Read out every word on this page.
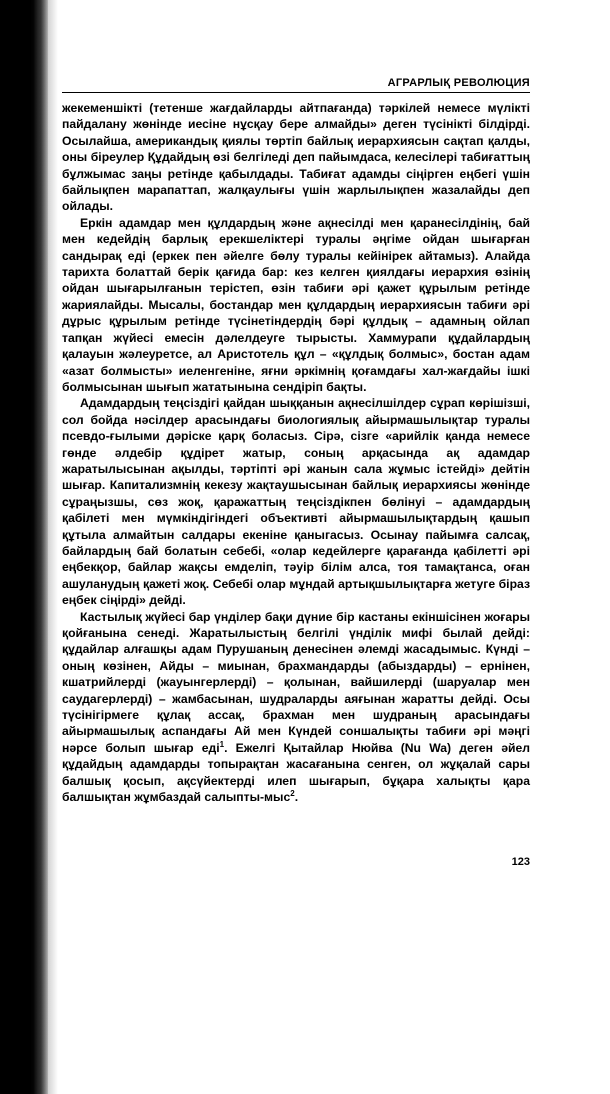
АГРАРЛЫҚ РЕВОЛЮЦИЯ

жекеменшікті (тетенше жағдайларды айтпағанда) тәркілей немесе мүлікті пайдалану жөнінде иесіне нұсқау бере алмайды» деген түсінікті білдірді. Осылайша, американдық қиялы төртіп байлық иерархиясын сақтап қалды, оны біреулер Құдайдың өзі белгіледі деп пайымдаса, келесілері табиғаттың бұлжымас заңы ретінде қабылдады. Табиғат адамды сіңірген еңбегі үшін байлықпен марапаттап, жалқаулығы үшін жарлылықпен жазалайды деп ойлады.

Еркін адамдар мен құлдардың және ақнесілді мен қаранесілдінің, бай мен кедейдің барлық ерекшеліктері туралы әңгіме ойдан шығарған сандырақ еді (еркек пен әйелге бөлу туралы кейінірек айтамыз). Алайда тарихта болаттай берік қағида бар: кез келген қиялдағы иерархия өзінің ойдан шығарылғанын терістеп, өзін табиғи әрі қажет құрылым ретінде жариялайды. Мысалы, бостандар мен құлдардың иерархиясын табиғи әрі дұрыс құрылым ретінде түсінетіндердің бәрі құлдық – адамның ойлап тапқан жүйесі емесін дәлелдеуге тырысты. Хаммурапи құдайлардың қалауын жәлеуретсе, ал Аристотель құл – «құлдық болмыс», бостан адам «азат болмысты» иеленгеніне, яғни әркімнің қоғамдағы хал-жағдайы ішкі болмысынан шығып жататынына сендіріп бақты.

Адамдардың теңсіздігі қайдан шыққанын ақнесілшілдер сұрап көрішізші, сол бойда нәсілдер арасындағы биологиялық айырмашылықтар туралы псевдо-ғылыми дәріске қарқ боласыз. Сірә, сізге «арийлік қанда немесе гөнде әлдебір құдірет жатыр, соның арқасында ақ адамдар жаратылысынан ақылды, тәртіпті әрі жанын сала жұмыс істейді» дейтін шығар. Капитализмнің кекезу жақтаушысынан байлық иерархиясы жөнінде сұраңызшы, сөз жоқ, қаражаттың теңсіздікпен бөлінуі – адамдардың қабілеті мен мүмкіндігіндегі объективті айырмашылықтардың қашып құтыла алмайтын салдары екеніне қаныгасыз. Осынау пайымға салсақ, байлардың бай болатын себебі, «олар кедейлерге қарағанда қабілетті әрі еңбекқор, байлар жақсы емделіп, тәуір білім алса, тоя тамақтанса, оған ашуланудың қажеті жоқ. Себебі олар мұндай артықшылықтарға жетуге біраз еңбек сіңірді» дейді.

Кастылық жүйесі бар үнділер бақи дүние бір кастаны екіншісінен жоғары қойғанына сенеді. Жаратылыстың белгілі үнділік мифі былай дейді: құдайлар алғашқы адам Пурушаның денесінен әлемді жасадымыс. Күнді – оның көзінен, Айды – миынан, брахмандарды (абыздарды) – ернінен, кшатрийлерді (жауынгерлерді) – қолынан, вайшилерді (шаруалар мен саудагерлерді) – жамбасынан, шудраларды аяғынан жаратты дейді. Осы түсінігірмеге құлақ асcақ, брахман мен шудраның арасындағы айырмашылық аспандағы Ай мен Күндей соншалықты табиғи әрі мәңгі нәрсе болып шығар еді$^1$. Ежелгі Қытайлар Нюйва (Nu Wa) деген әйел құдайдың адамдарды топырақтан жасағанына сенген, ол жұқалай сары балшық қосып, ақсүйектерді илеп шығарып, бұқара халықты қара балшықтан жұмбаздай салыпты-мыс$^2$.

123
